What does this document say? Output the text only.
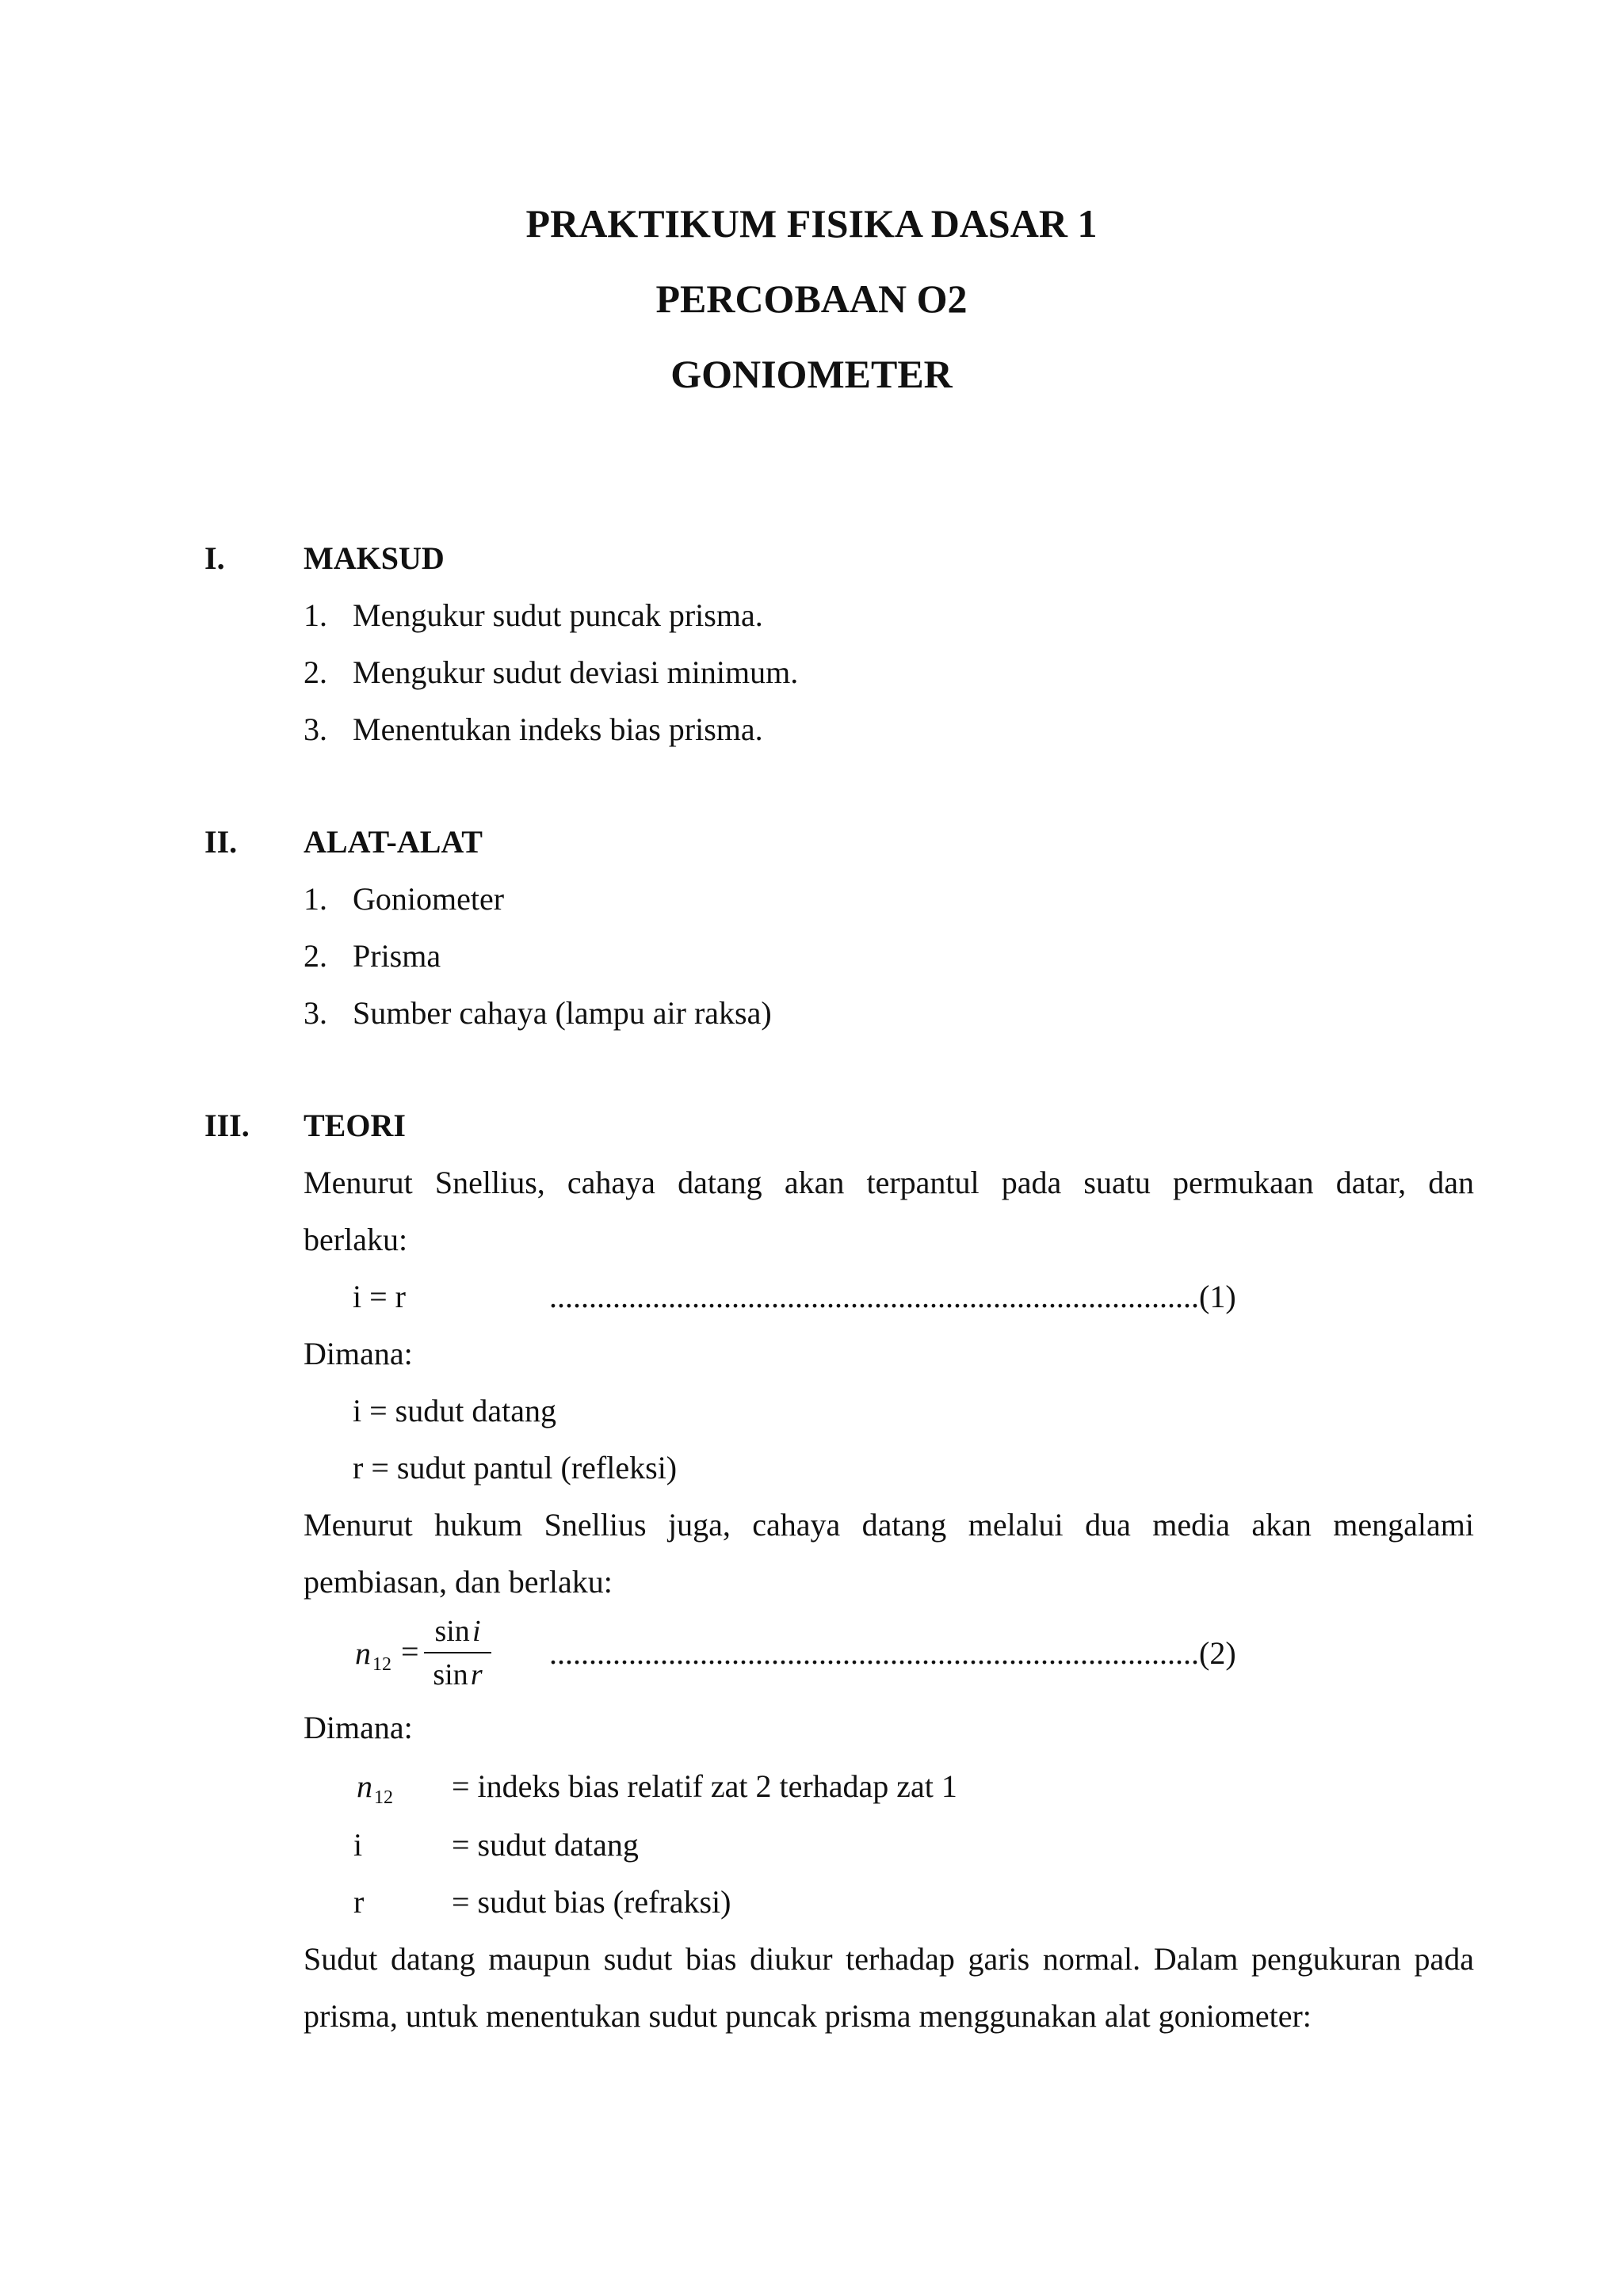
PRAKTIKUM FISIKA DASAR 1
PERCOBAAN O2
GONIOMETER
I. MAKSUD
1. Mengukur sudut puncak prisma.
2. Mengukur sudut deviasi minimum.
3. Menentukan indeks bias prisma.
II. ALAT-ALAT
1. Goniometer
2. Prisma
3. Sumber cahaya (lampu air raksa)
III. TEORI
Menurut Snellius, cahaya datang akan terpantul pada suatu permukaan datar, dan
berlaku:
i = r	..................................................................................(1)
Dimana:
i = sudut datang
r = sudut pantul (refleksi)
Menurut hukum Snellius juga, cahaya datang melalui dua media akan mengalami
pembiasan, dan berlaku:
$n_{12}$ =
sin i
sin r
..................................................................................(2)
Dimana:
$n_{12}$ = indeks bias relatif zat 2 terhadap zat 1
i	= sudut datang
r	= sudut bias (refraksi)
Sudut datang maupun sudut bias diukur terhadap garis normal. Dalam pengukuran pada
prisma, untuk menentukan sudut puncak prisma menggunakan alat goniometer:
